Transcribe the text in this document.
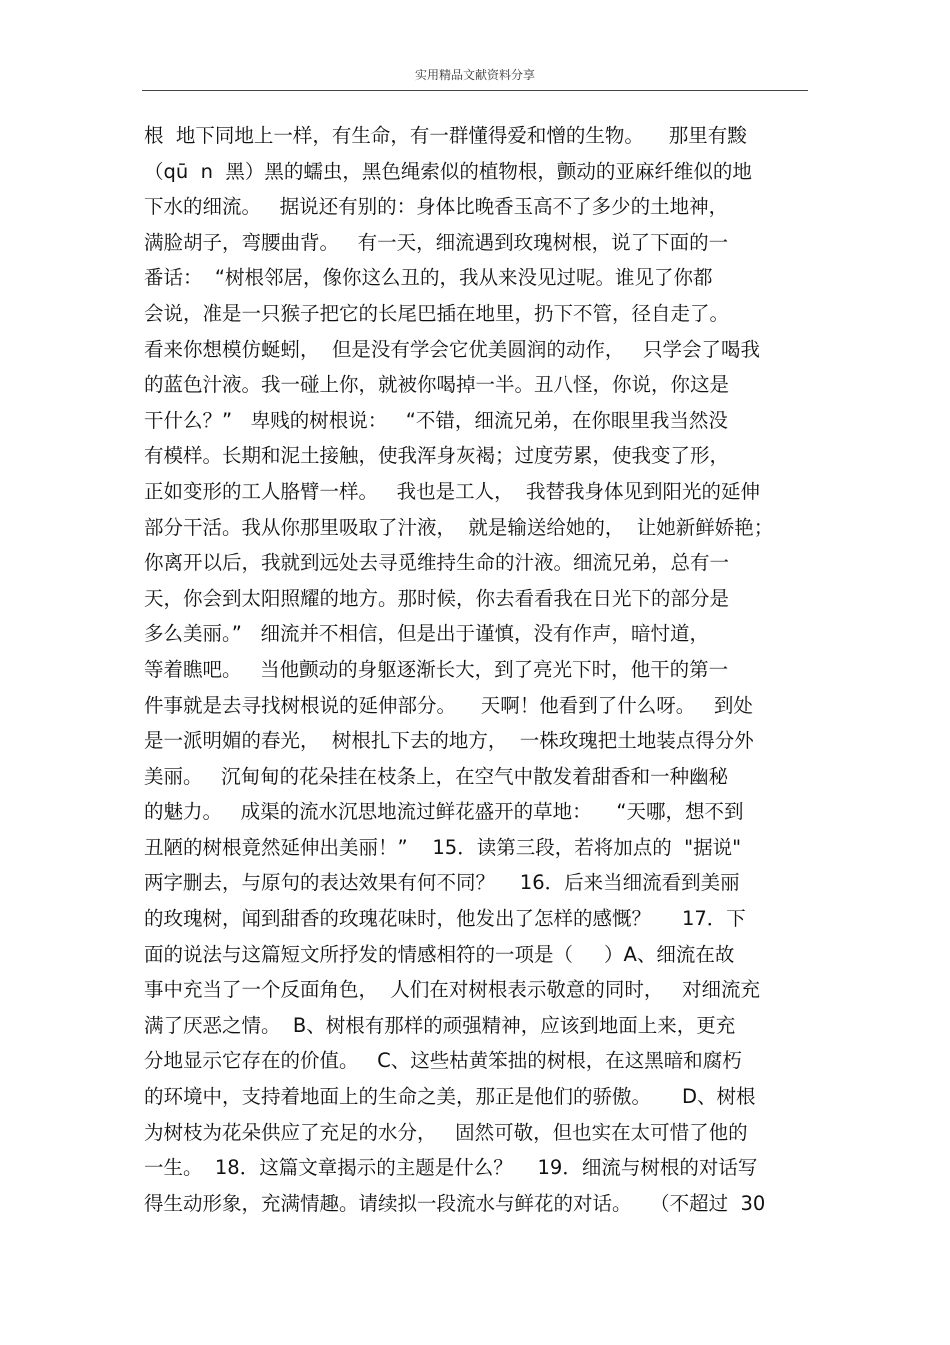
实用精品文献资料分享
根  地下同地上一样，有生命，有一群懂得爱和憎的生物。    那里有黢
（qū  n  黑）黑的蠕虫，黑色绳索似的植物根，颤动的亚麻纤维似的地
下水的细流。   据说还有别的：身体比晚香玉高不了多少的土地神，
满脸胡子，弯腰曲背。   有一天，细流遇到玫瑰树根，说了下面的一
番话：  “树根邻居，像你这么丑的，我从来没见过呢。谁见了你都
会说，准是一只猴子把它的长尾巴插在地里，扔下不管，径自走了。
看来你想模仿蜒蚓，  但是没有学会它优美圆润的动作，   只学会了喝我
的蓝色汁液。我一碰上你，就被你喝掉一半。丑八怪，你说，你这是
干什么？”   卑贱的树根说：   “不错，细流兄弟，在你眼里我当然没
有模样。长期和泥土接触，使我浑身灰褐；过度劳累，使我变了形，
正如变形的工人胳臂一样。   我也是工人，  我替我身体见到阳光的延伸
部分干活。我从你那里吸取了汁液，  就是输送给她的，  让她新鲜娇艳；
你离开以后，我就到远处去寻觅维持生命的汁液。细流兄弟，总有一
天，你会到太阳照耀的地方。那时候，你去看看我在日光下的部分是
多么美丽。”   细流并不相信，但是出于谨慎，没有作声，暗忖道，
等着瞧吧。   当他颤动的身躯逐渐长大，到了亮光下时，他干的第一
件事就是去寻找树根说的延伸部分。    天啊！他看到了什么呀。   到处
是一派明媚的春光，  树根扎下去的地方，  一株玫瑰把土地装点得分外
美丽。   沉甸甸的花朵挂在枝条上，在空气中散发着甜香和一种幽秘
的魅力。   成渠的流水沉思地流过鲜花盛开的草地：    “天哪，想不到
丑陋的树根竟然延伸出美丽！”    15．读第三段，若将加点的  "据说"
两字删去，与原句的表达效果有何不同？    16．后来当细流看到美丽
的玫瑰树，闻到甜香的玫瑰花味时，他发出了怎样的感慨？     17．下
面的说法与这篇短文所抒发的情感相符的一项是（     ）A、细流在故
事中充当了一个反面角色，  人们在对树根表示敬意的同时，   对细流充
满了厌恶之情。  B、树根有那样的顽强精神，应该到地面上来，更充
分地显示它存在的价值。   C、这些枯黄笨拙的树根，在这黑暗和腐朽
的环境中，支持着地面上的生命之美，那正是他们的骄傲。     D、树根
为树枝为花朵供应了充足的水分，   固然可敬，但也实在太可惜了他的
一生。  18．这篇文章揭示的主题是什么？    19．细流与树根的对话写
得生动形象，充满情趣。请续拟一段流水与鲜花的对话。   （不超过  30
